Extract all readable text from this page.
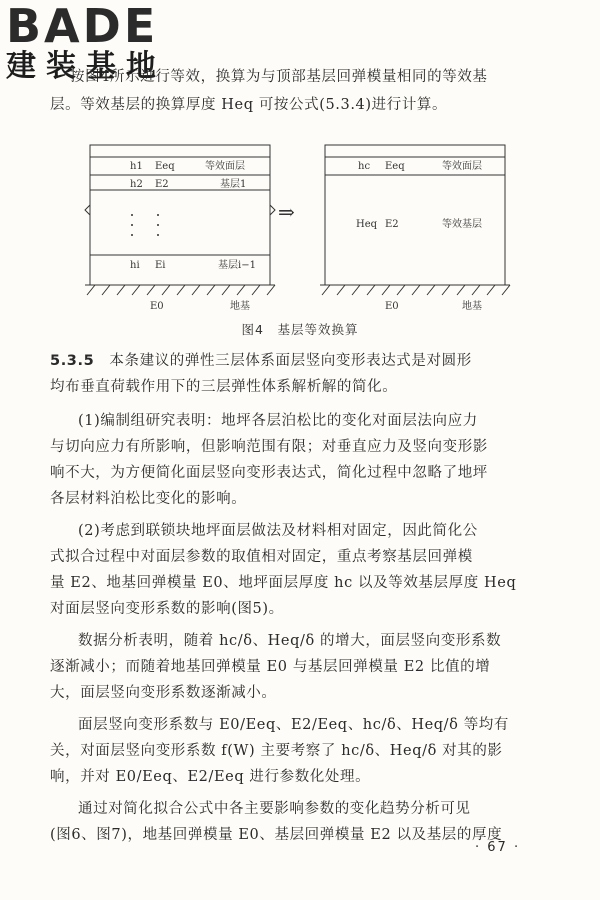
BADE
建装基地
按图4所示进行等效，换算为与顶部基层回弹模量相同的等效基
层。等效基层的换算厚度 Heq 可按公式(5.3.4)进行计算。
h1 Eeq	等效面层
h2 E2	基层1
hi Ei	基层i−1
E0	地基
⇒
hc Eeq	等效面层
Heq E2	等效基层
E0	地基
图4　基层等效换算
5.3.5　 本条建议的弹性三层体系面层竖向变形表达式是对圆形
均布垂直荷载作用下的三层弹性体系解析解的简化。
(1)编制组研究表明：地坪各层泊松比的变化对面层法向应力
与切向应力有所影响，但影响范围有限；对垂直应力及竖向变形影
响不大，为方便简化面层竖向变形表达式，简化过程中忽略了地坪
各层材料泊松比变化的影响。
(2)考虑到联锁块地坪面层做法及材料相对固定，因此简化公
式拟合过程中对面层参数的取值相对固定，重点考察基层回弹模
量 E2、地基回弹模量 E0、地坪面层厚度 hc 以及等效基层厚度 Heq
对面层竖向变形系数的影响(图5)。
数据分析表明，随着 hc/δ、Heq/δ 的增大，面层竖向变形系数
逐渐减小；而随着地基回弹模量 E0 与基层回弹模量 E2 比值的增
大，面层竖向变形系数逐渐减小。
面层竖向变形系数与 E0/Eeq、E2/Eeq、hc/δ、Heq/δ 等均有
关，对面层竖向变形系数 f(W) 主要考察了 hc/δ、Heq/δ 对其的影
响，并对 E0/Eeq、E2/Eeq 进行参数化处理。
通过对简化拟合公式中各主要影响参数的变化趋势分析可见
(图6、图7)，地基回弹模量 E0、基层回弹模量 E2 以及基层的厚度
· 67 ·
